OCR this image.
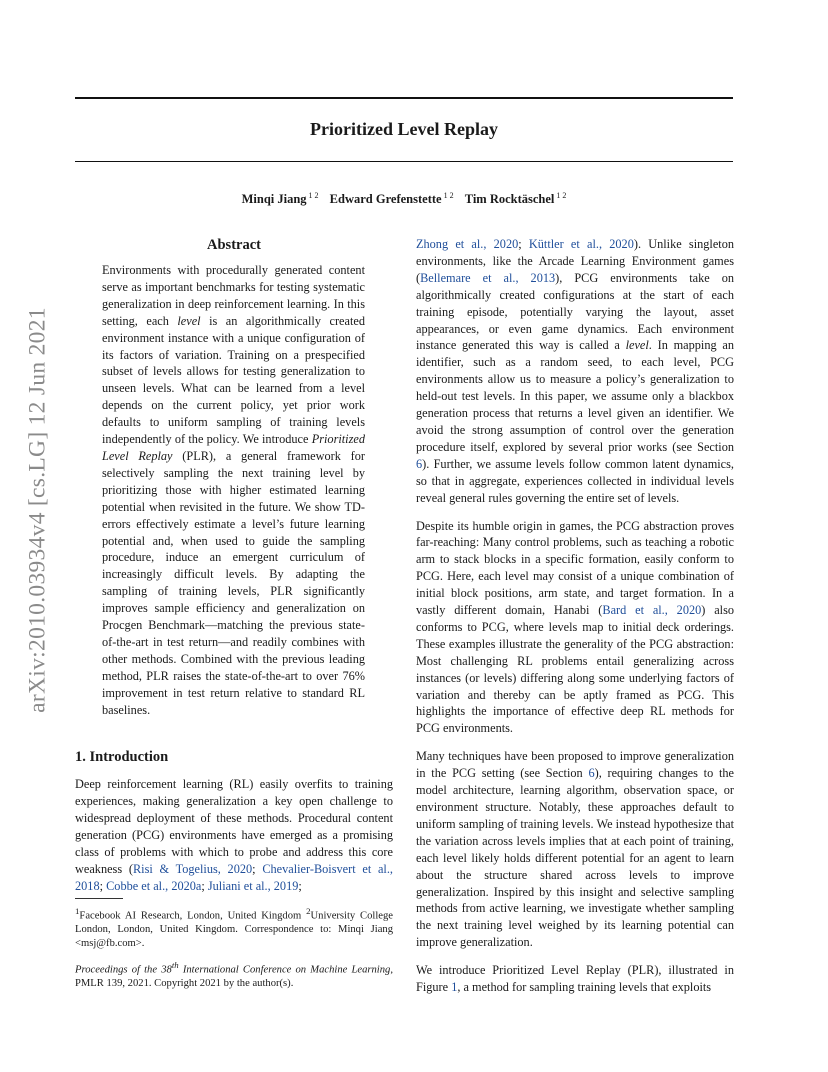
Prioritized Level Replay
Minqi Jiang $^{1 2}$ Edward Grefenstette $^{1 2}$ Tim Rocktäschel $^{1 2}$
arXiv:2010.03934v4 [cs.LG] 12 Jun 2021
Abstract

Environments with procedurally generated content serve as important benchmarks for testing systematic generalization in deep reinforcement learning. In this setting, each level is an algorithmically created environment instance with a unique configuration of its factors of variation. Training on a prespecified subset of levels allows for testing generalization to unseen levels. What can be learned from a level depends on the current policy, yet prior work defaults to uniform sampling of training levels independently of the policy. We introduce Prioritized Level Replay (PLR), a general framework for selectively sampling the next training level by prioritizing those with higher estimated learning potential when revisited in the future. We show TD-errors effectively estimate a level’s future learning potential and, when used to guide the sampling procedure, induce an emergent curriculum of increasingly difficult levels. By adapting the sampling of training levels, PLR significantly improves sample efficiency and generalization on Procgen Benchmark—matching the previous state-of-the-art in test return—and readily combines with other methods. Combined with the previous leading method, PLR raises the state-of-the-art to over 76% improvement in test return relative to standard RL baselines.

1. Introduction

Deep reinforcement learning (RL) easily overfits to training experiences, making generalization a key open challenge to widespread deployment of these methods. Procedural content generation (PCG) environments have emerged as a promising class of problems with which to probe and address this core weakness (Risi & Togelius, 2020; Chevalier-Boisvert et al., 2018; Cobbe et al., 2020a; Juliani et al., 2019;

$^1$Facebook AI Research, London, United Kingdom $^2$University College London, London, United Kingdom. Correspondence to: Minqi Jiang <msj@fb.com>.

Proceedings of the 38th International Conference on Machine Learning, PMLR 139, 2021. Copyright 2021 by the author(s).

Zhong et al., 2020; Küttler et al., 2020). Unlike singleton environments, like the Arcade Learning Environment games (Bellemare et al., 2013), PCG environments take on algorithmically created configurations at the start of each training episode, potentially varying the layout, asset appearances, or even game dynamics. Each environment instance generated this way is called a level. In mapping an identifier, such as a random seed, to each level, PCG environments allow us to measure a policy’s generalization to held-out test levels. In this paper, we assume only a blackbox generation process that returns a level given an identifier. We avoid the strong assumption of control over the generation procedure itself, explored by several prior works (see Section 6). Further, we assume levels follow common latent dynamics, so that in aggregate, experiences collected in individual levels reveal general rules governing the entire set of levels.

Despite its humble origin in games, the PCG abstraction proves far-reaching: Many control problems, such as teaching a robotic arm to stack blocks in a specific formation, easily conform to PCG. Here, each level may consist of a unique combination of initial block positions, arm state, and target formation. In a vastly different domain, Hanabi (Bard et al., 2020) also conforms to PCG, where levels map to initial deck orderings. These examples illustrate the generality of the PCG abstraction: Most challenging RL problems entail generalizing across instances (or levels) differing along some underlying factors of variation and thereby can be aptly framed as PCG. This highlights the importance of effective deep RL methods for PCG environments.

Many techniques have been proposed to improve generalization in the PCG setting (see Section 6), requiring changes to the model architecture, learning algorithm, observation space, or environment structure. Notably, these approaches default to uniform sampling of training levels. We instead hypothesize that the variation across levels implies that at each point of training, each level likely holds different potential for an agent to learn about the structure shared across levels to improve generalization. Inspired by this insight and selective sampling methods from active learning, we investigate whether sampling the next training level weighed by its learning potential can improve generalization.

We introduce Prioritized Level Replay (PLR), illustrated in Figure 1, a method for sampling training levels that exploits
